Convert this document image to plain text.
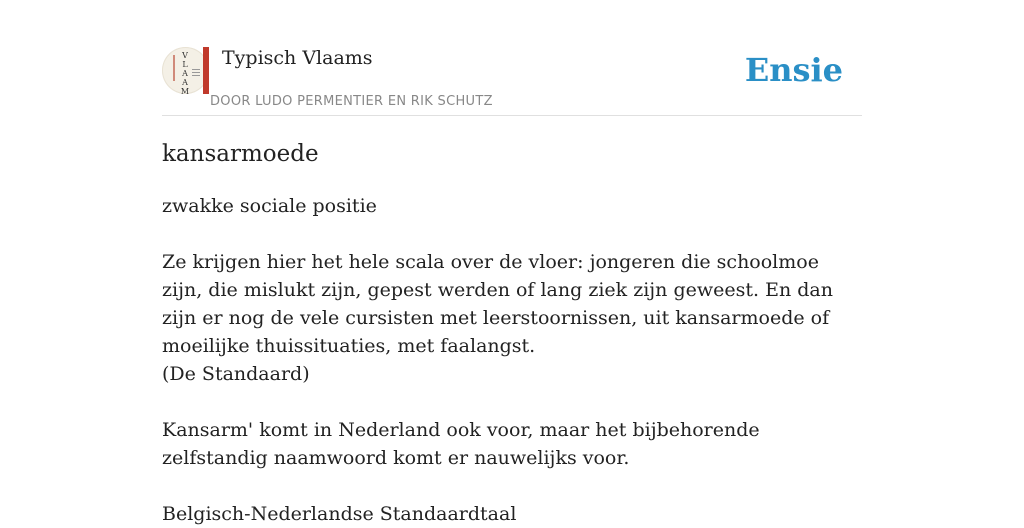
V
L
A
A
M
Typisch Vlaams
DOOR LUDO PERMENTIER EN RIK SCHUTZ
Ensie
kansarmoede

zwakke sociale positie

Ze krijgen hier het hele scala over de vloer: jongeren die schoolmoe zijn, die mislukt zijn, gepest werden of lang ziek zijn geweest. En dan zijn er nog de vele cursisten met leerstoornissen, uit kansarmoede of moeilijke thuissituaties, met faalangst.

(De Standaard)

Kansarm' komt in Nederland ook voor, maar het bijbehorende zelfstandig naamwoord komt er nauwelijks voor.

Belgisch-Nederlandse Standaardtaal
